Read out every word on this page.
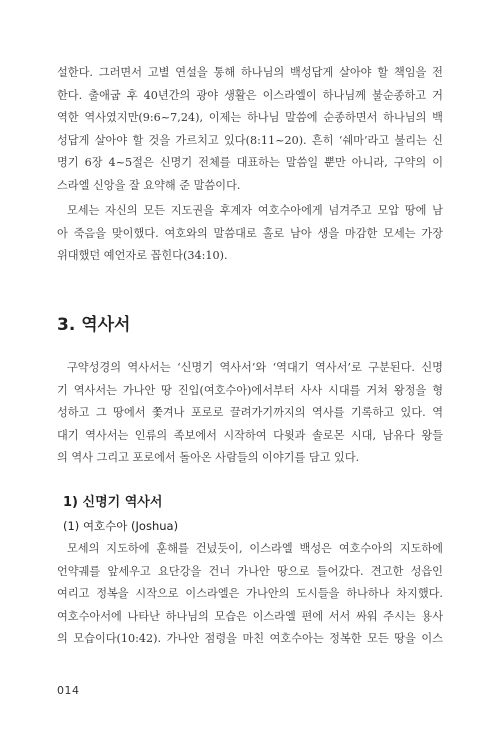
설한다. 그러면서 고별 연설을 통해 하나님의 백성답게 살아야 할 책임을 전
한다. 출애굽 후 40년간의 광야 생활은 이스라엘이 하나님께 불순종하고 거
역한 역사였지만(9:6~7,24), 이제는 하나님 말씀에 순종하면서 하나님의 백
성답게 살아야 할 것을 가르치고 있다(8:11~20). 흔히 ‘쉐마’라고 불리는 신
명기 6장 4~5절은 신명기 전체를 대표하는 말씀일 뿐만 아니라, 구약의 이
스라엘 신앙을 잘 요약해 준 말씀이다.
모세는 자신의 모든 지도권을 후계자 여호수아에게 넘겨주고 모압 땅에 남
아 죽음을 맞이했다. 여호와의 말씀대로 홀로 남아 생을 마감한 모세는 가장
위대했던 예언자로 꼽힌다(34:10).
3. 역사서
구약성경의 역사서는 ‘신명기 역사서’와 ‘역대기 역사서’로 구분된다. 신명
기 역사서는 가나안 땅 진입(여호수아)에서부터 사사 시대를 거쳐 왕정을 형
성하고 그 땅에서 쫓겨나 포로로 끌려가기까지의 역사를 기록하고 있다. 역
대기 역사서는 인류의 족보에서 시작하여 다윗과 솔로몬 시대, 남유다 왕들
의 역사 그리고 포로에서 돌아온 사람들의 이야기를 담고 있다.
1) 신명기 역사서
(1) 여호수아 (Joshua)
모세의 지도하에 훈해를 건넜듯이, 이스라엘 백성은 여호수아의 지도하에
언약궤를 앞세우고 요단강을 건너 가나안 땅으로 들어갔다. 견고한 성읍인
여리고 정복을 시작으로 이스라엘은 가나안의 도시들을 하나하나 차지했다.
여호수아서에 나타난 하나님의 모습은 이스라엘 편에 서서 싸워 주시는 용사
의 모습이다(10:42). 가나안 점령을 마친 여호수아는 정복한 모든 땅을 이스
014
